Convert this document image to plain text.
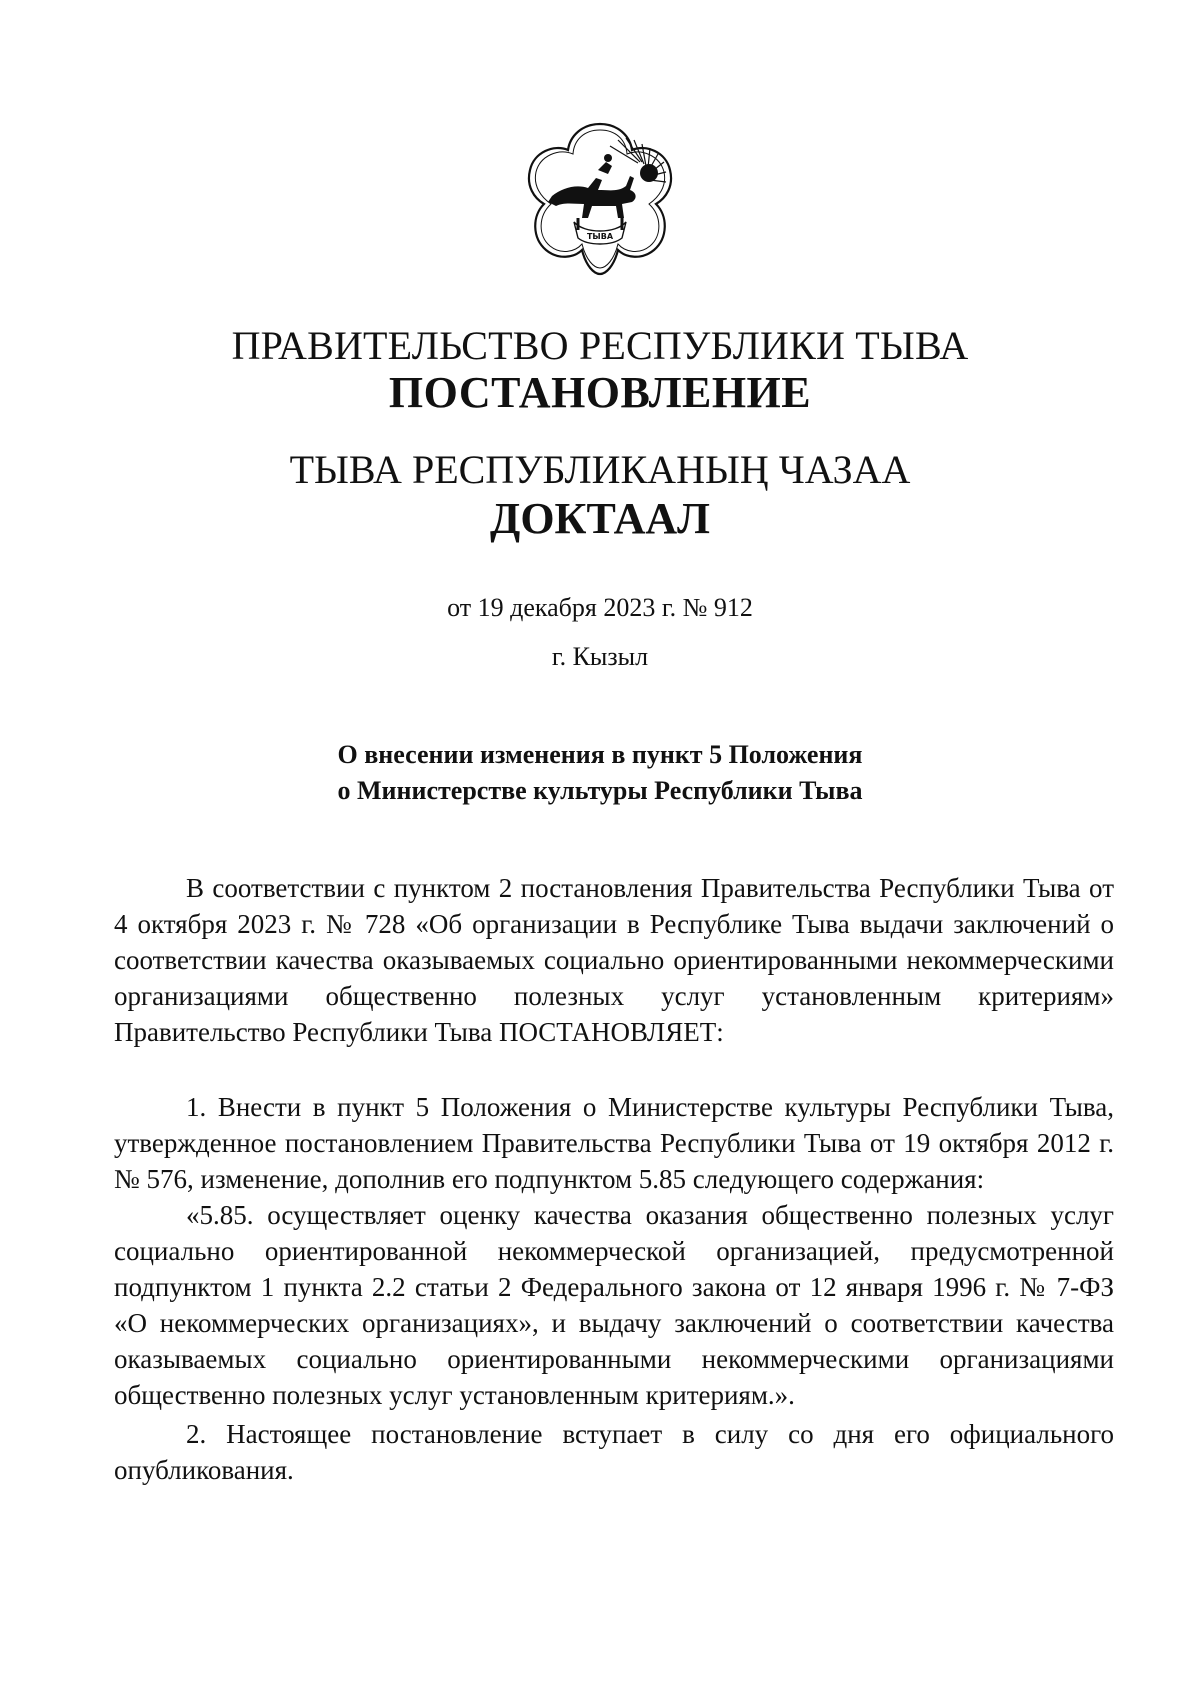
ТЫВА
ПРАВИТЕЛЬСТВО РЕСПУБЛИКИ ТЫВА
ПОСТАНОВЛЕНИЕ
ТЫВА РЕСПУБЛИКАНЫҢ ЧАЗАА
ДОКТААЛ
от 19 декабря 2023 г. № 912
г. Кызыл
О внесении изменения в пункт 5 Положения
о Министерстве культуры Республики Тыва

В соответствии с пунктом 2 постановления Правительства Республики Тыва от 4 октября 2023 г. № 728 «Об организации в Республике Тыва выдачи заключений о соответствии качества оказываемых социально ориентированными некоммерческими организациями общественно полезных услуг установленным критериям» Правительство Республики Тыва ПОСТАНОВЛЯЕТ:

1. Внести в пункт 5 Положения о Министерстве культуры Республики Тыва, утвержденное постановлением Правительства Республики Тыва от 19 октября 2012 г. № 576, изменение, дополнив его подпунктом 5.85 следующего содержания:

«5.85. осуществляет оценку качества оказания общественно полезных услуг социально ориентированной некоммерческой организацией, предусмотренной подпунктом 1 пункта 2.2 статьи 2 Федерального закона от 12 января 1996 г. № 7-ФЗ «О некоммерческих организациях», и выдачу заключений о соответствии качества оказываемых социально ориентированными некоммерческими организациями общественно полезных услуг установленным критериям.».

2. Настоящее постановление вступает в силу со дня его официального опубликования.
